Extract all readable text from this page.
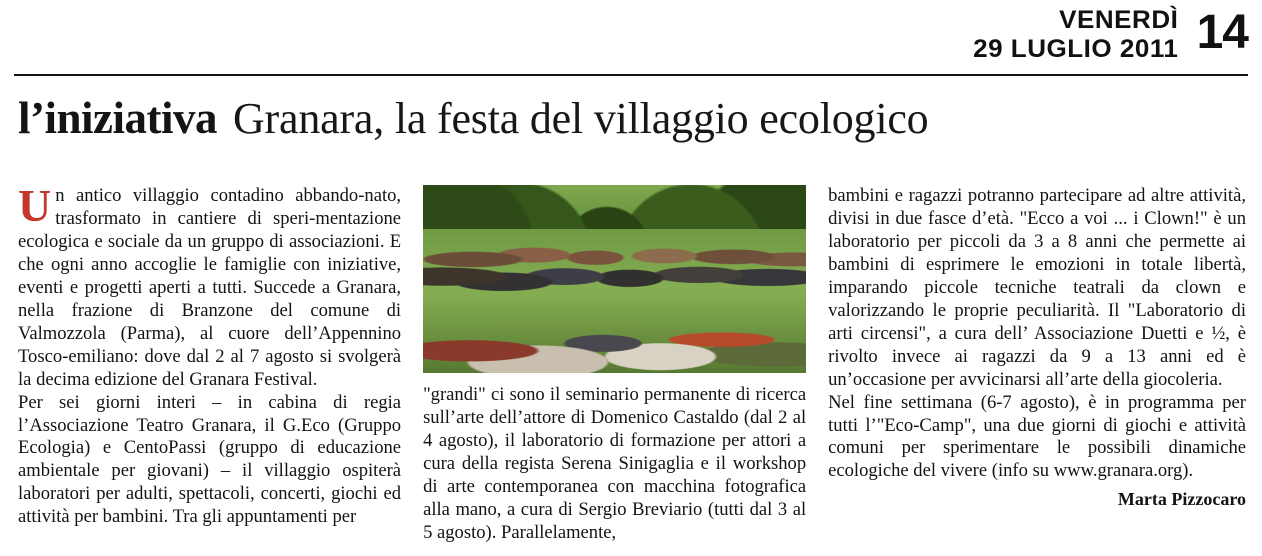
VENERDÌ
29 LUGLIO 2011 14
l’iniziativa Granara, la festa del villaggio ecologico

Un antico villaggio contadino abbando-nato, trasformato in cantiere di speri-mentazione ecologica e sociale da un gruppo di associazioni. E che ogni anno accoglie le famiglie con iniziative, eventi e progetti aperti a tutti. Succede a Granara, nella frazione di Branzone del comune di Valmozzola (Parma), al cuore dell’Appennino Tosco-emiliano: dove dal 2 al 7 agosto si svolgerà la decima edizione del Granara Festival.

Per sei giorni interi – in cabina di regia l’Associazione Teatro Granara, il G.Eco (Gruppo Ecologia) e CentoPassi (gruppo di educazione ambientale per giovani) – il villaggio ospiterà laboratori per adulti, spettacoli, concerti, giochi ed attività per bambini. Tra gli appuntamenti per

"grandi" ci sono il seminario permanente di ricerca sull’arte dell’attore di Domenico Castaldo (dal 2 al 4 agosto), il laboratorio di formazione per attori a cura della regista Serena Sinigaglia e il workshop di arte contemporanea con macchina fotografica alla mano, a cura di Sergio Breviario (tutti dal 3 al 5 agosto). Parallelamente,

bambini e ragazzi potranno partecipare ad altre attività, divisi in due fasce d’età. "Ecco a voi ... i Clown!" è un laboratorio per piccoli da 3 a 8 anni che permette ai bambini di esprimere le emozioni in totale libertà, imparando piccole tecniche teatrali da clown e valorizzando le proprie peculiarità. Il "Laboratorio di arti circensi", a cura dell’ Associazione Duetti e ½, è rivolto invece ai ragazzi da 9 a 13 anni ed è un’occasione per avvicinarsi all’arte della giocoleria.

Nel fine settimana (6-7 agosto), è in programma per tutti l’"Eco-Camp", una due giorni di giochi e attività comuni per sperimentare le possibili dinamiche ecologiche del vivere (info su www.granara.org).

Marta Pizzocaro
